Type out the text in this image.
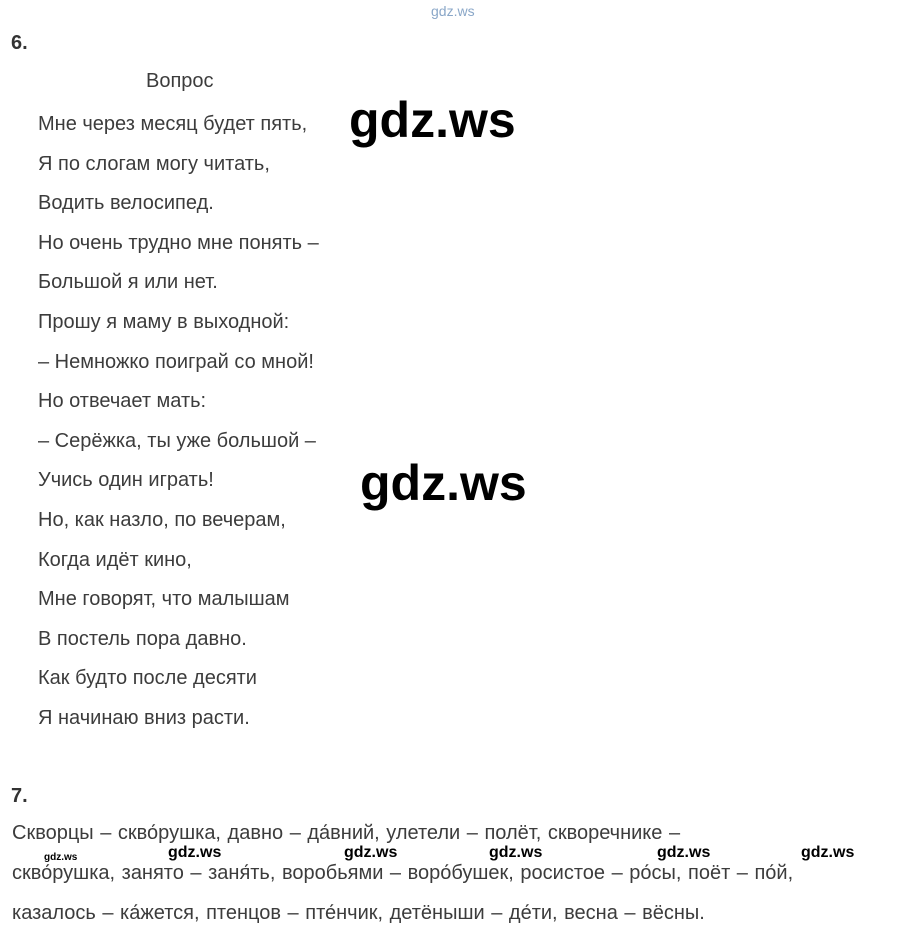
gdz.ws
6.
Вопрос
Мне через месяц будет пять,
Я по слогам могу читать,
Водить велосипед.
Но очень трудно мне понять –
Большой я или нет.
Прошу я маму в выходной:
– Немножко поиграй со мной!
Но отвечает мать:
– Серёжка, ты уже большой –
Учись один играть!
Но, как назло, по вечерам,
Когда идёт кино,
Мне говорят, что малышам
В постель пора давно.
Как будто после десяти
Я начинаю вниз расти.
gdz.ws
gdz.ws
7.
Скворцы – скво́рушка, давно – да́вний, улетели – полёт, скворечнике –
скво́рушка, занято – заня́ть, воробьями – воро́бушек, росистое – ро́сы, поёт – по́й,
казалось – ка́жется, птенцов – пте́нчик, детёныши – де́ти, весна – вёсны.
gdz.ws	gdz.ws	gdz.ws	gdz.ws	gdz.ws	gdz.ws
